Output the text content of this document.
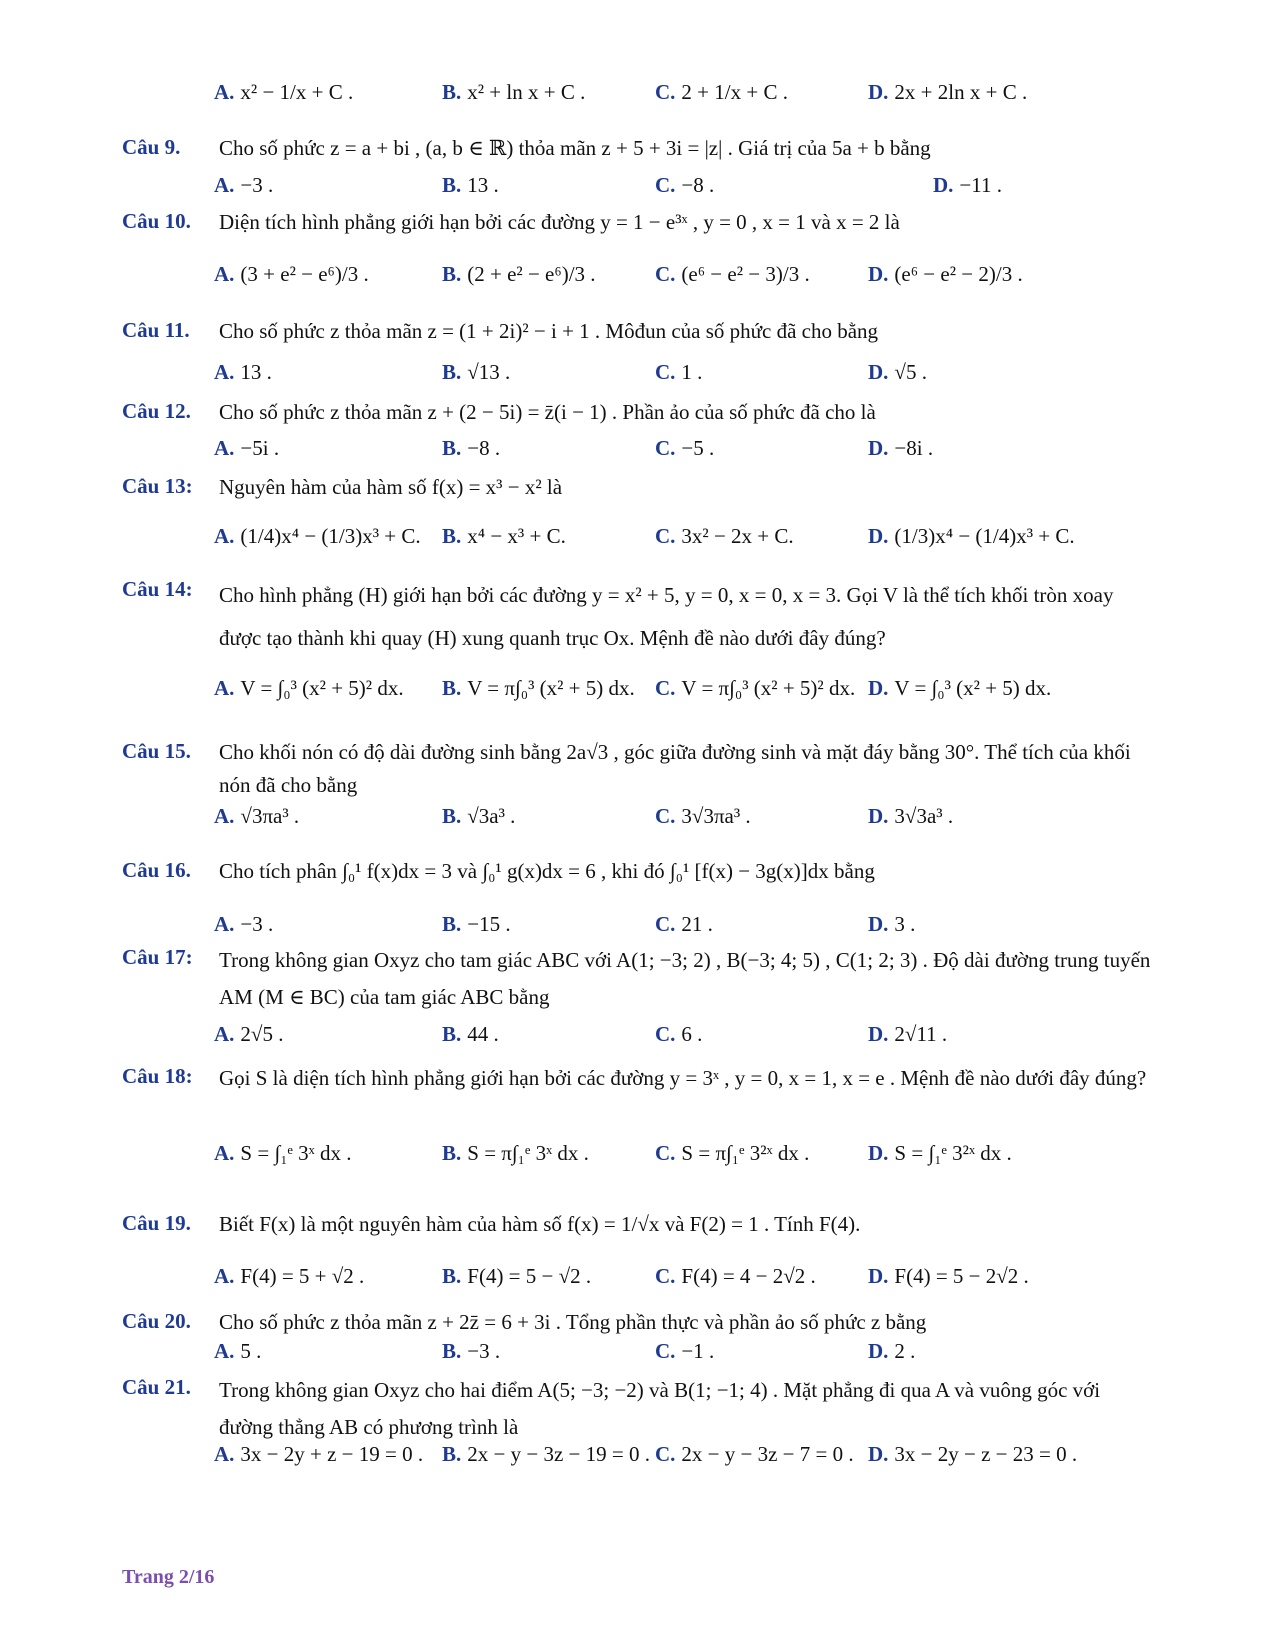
A. x² − 1/x + C .	B. x² + ln x + C .	C. 2 + 1/x + C .	D. 2x + 2ln x + C .
Câu 9. Cho số phức z = a + bi , (a, b ∈ ℝ) thỏa mãn z + 5 + 3i = |z| . Giá trị của 5a + b bằng
A. −3 .	B. 13 .	C. −8 .	D. −11 .
Câu 10. Diện tích hình phẳng giới hạn bởi các đường y = 1 − e³ˣ , y = 0 , x = 1 và x = 2 là
A. (3 + e² − e⁶)/3 .	B. (2 + e² − e⁶)/3 .	C. (e⁶ − e² − 3)/3 .	D. (e⁶ − e² − 2)/3 .
Câu 11. Cho số phức z thỏa mãn z = (1 + 2i)² − i + 1 . Môđun của số phức đã cho bằng
A. 13 .	B. √13 .	C. 1 .	D. √5 .
Câu 12. Cho số phức z thỏa mãn z + (2 − 5i) = z̄(i − 1) . Phần ảo của số phức đã cho là
A. −5i .	B. −8 .	C. −5 .	D. −8i .
Câu 13: Nguyên hàm của hàm số f(x) = x³ − x² là
A. (1/4)x⁴ − (1/3)x³ + C. B. x⁴ − x³ + C.	C. 3x² − 2x + C.	D. (1/3)x⁴ − (1/4)x³ + C.
Câu 14: Cho hình phẳng (H) giới hạn bởi các đường y = x² + 5, y = 0, x = 0, x = 3. Gọi V là thể tích khối tròn xoay được tạo thành khi quay (H) xung quanh trục Ox. Mệnh đề nào dưới đây đúng?
A. V = ∫₀³ (x² + 5)² dx. B. V = π∫₀³ (x² + 5) dx. C. V = π∫₀³ (x² + 5)² dx. D. V = ∫₀³ (x² + 5) dx.
Câu 15. Cho khối nón có độ dài đường sinh bằng 2a√3 , góc giữa đường sinh và mặt đáy bằng 30°. Thể tích của khối nón đã cho bằng
A. √3πa³ .	B. √3a³ .	C. 3√3πa³ .	D. 3√3a³ .
Câu 16. Cho tích phân ∫₀¹ f(x)dx = 3 và ∫₀¹ g(x)dx = 6 , khi đó ∫₀¹ [f(x) − 3g(x)]dx bằng
A. −3 .	B. −15 .	C. 21 .	D. 3 .
Câu 17: Trong không gian Oxyz cho tam giác ABC với A(1; −3; 2) , B(−3; 4; 5) , C(1; 2; 3) . Độ dài đường trung tuyến AM (M ∈ BC) của tam giác ABC bằng
A. 2√5 .	B. 44 .	C. 6 .	D. 2√11 .
Câu 18: Gọi S là diện tích hình phẳng giới hạn bởi các đường y = 3ˣ , y = 0, x = 1, x = e . Mệnh đề nào dưới đây đúng?
A. S = ∫₁ᵉ 3ˣ dx .	B. S = π∫₁ᵉ 3ˣ dx .	C. S = π∫₁ᵉ 3²ˣ dx .	D. S = ∫₁ᵉ 3²ˣ dx .
Câu 19. Biết F(x) là một nguyên hàm của hàm số f(x) = 1/√x và F(2) = 1 . Tính F(4).
A. F(4) = 5 + √2 .	B. F(4) = 5 − √2 .	C. F(4) = 4 − 2√2 . D. F(4) = 5 − 2√2 .
Câu 20. Cho số phức z thỏa mãn z + 2z̄ = 6 + 3i . Tổng phần thực và phần ảo số phức z bằng
A. 5 .	B. −3 .	C. −1 .	D. 2 .
Câu 21. Trong không gian Oxyz cho hai điểm A(5; −3; −2) và B(1; −1; 4) . Mặt phẳng đi qua A và vuông góc với đường thẳng AB có phương trình là
A. 3x − 2y + z − 19 = 0 . B. 2x − y − 3z − 19 = 0 . C. 2x − y − 3z − 7 = 0 . D. 3x − 2y − z − 23 = 0 .
Trang 2/16
